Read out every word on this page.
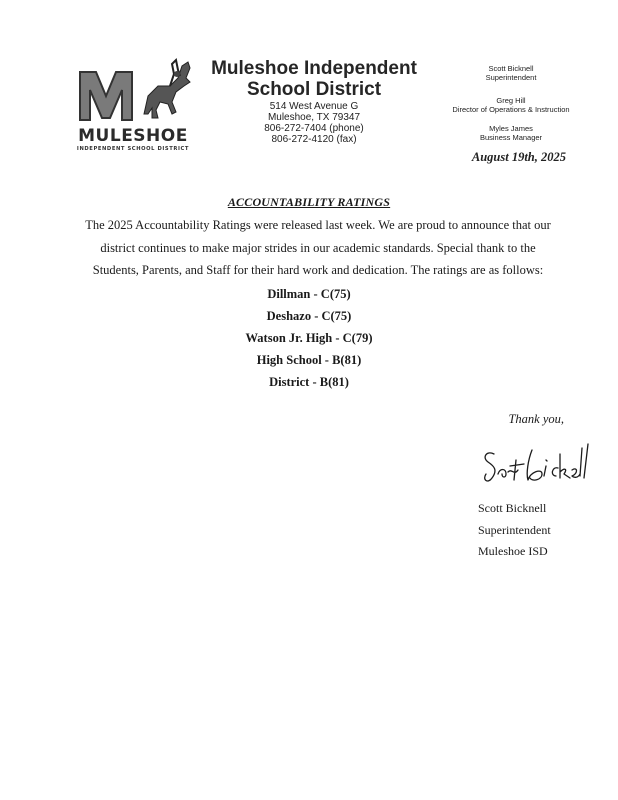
MULESHOE
INDEPENDENT SCHOOL DISTRICT
Muleshoe Independent
School District
514 West Avenue G
Muleshoe, TX 79347
806-272-7404 (phone)
806-272-4120 (fax)
Scott Bicknell
Superintendent
Greg Hill
Director of Operations & Instruction
Myles James
Business Manager
August 19th, 2025
ACCOUNTABILITY RATINGS
The 2025 Accountability Ratings were released last week. We are proud to announce that our district continues to make major strides in our academic standards. Special thank to the Students, Parents, and Staff for their hard work and dedication. The ratings are as follows:
Dillman - C(75)
Deshazo - C(75)
Watson Jr. High - C(79)
High School - B(81)
District - B(81)
Thank you,
Scott Bicknell
Superintendent
Muleshoe ISD
